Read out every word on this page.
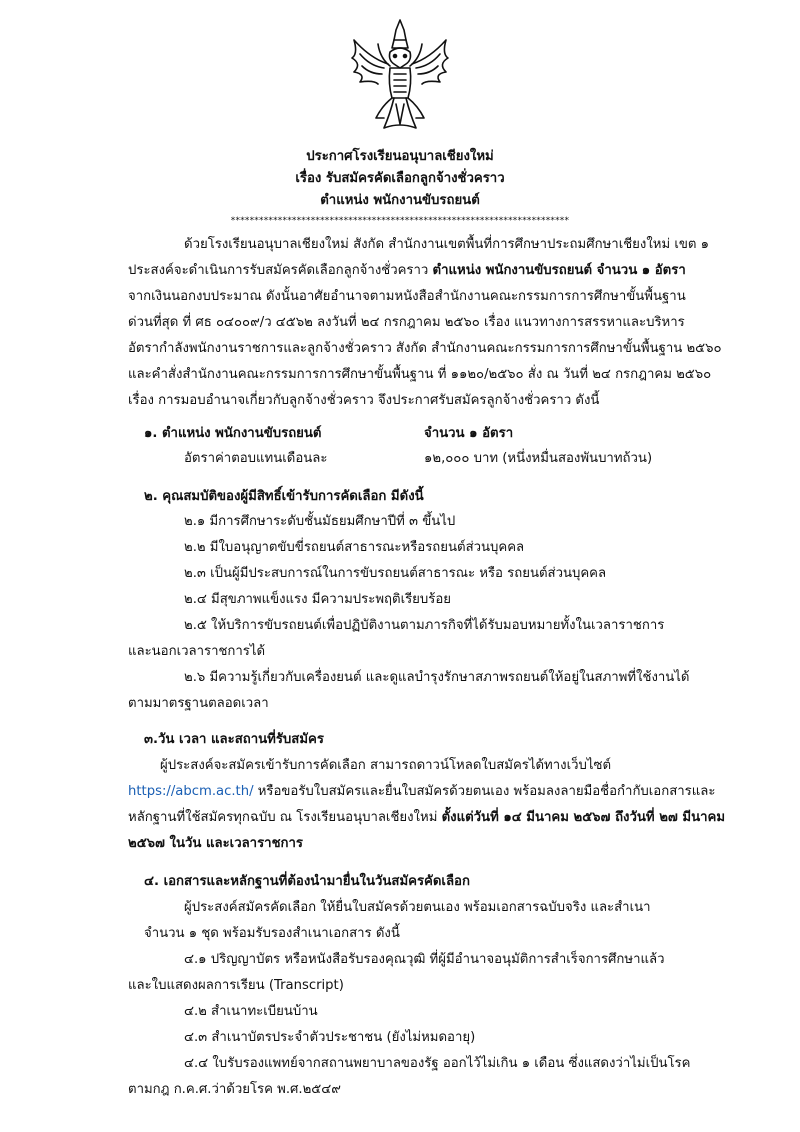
ประกาศโรงเรียนอนุบาลเชียงใหม่
เรื่อง รับสมัครคัดเลือกลูกจ้างชั่วคราว
ตำแหน่ง พนักงานขับรถยนต์
************************************************************************
ด้วยโรงเรียนอนุบาลเชียงใหม่ สังกัด สำนักงานเขตพื้นที่การศึกษาประถมศึกษาเชียงใหม่ เขต ๑
ประสงค์จะดำเนินการรับสมัครคัดเลือกลูกจ้างชั่วคราว ตำแหน่ง พนักงานขับรถยนต์ จำนวน ๑ อัตรา
จากเงินนอกงบประมาณ ดังนั้นอาศัยอำนาจตามหนังสือสำนักงานคณะกรรมการการศึกษาขั้นพื้นฐาน
ด่วนที่สุด ที่ ศธ ๐๔๐๐๙/ว ๔๕๖๒ ลงวันที่ ๒๔ กรกฎาคม ๒๕๖๐ เรื่อง แนวทางการสรรหาและบริหาร
อัตรากำลังพนักงานราชการและลูกจ้างชั่วคราว สังกัด สำนักงานคณะกรรมการการศึกษาขั้นพื้นฐาน ๒๕๖๐
และคำสั่งสำนักงานคณะกรรมการการศึกษาขั้นพื้นฐาน ที่ ๑๑๒๐/๒๕๖๐ สั่ง ณ วันที่ ๒๔ กรกฎาคม ๒๕๖๐
เรื่อง การมอบอำนาจเกี่ยวกับลูกจ้างชั่วคราว จึงประกาศรับสมัครลูกจ้างชั่วคราว ดังนี้
๑. ตำแหน่ง พนักงานขับรถยนต์	จำนวน ๑ อัตรา
อัตราค่าตอบแทนเดือนละ	๑๒,๐๐๐ บาท (หนึ่งหมื่นสองพันบาทถ้วน)
๒. คุณสมบัติของผู้มีสิทธิ์เข้ารับการคัดเลือก มีดังนี้
๒.๑ มีการศึกษาระดับชั้นมัธยมศึกษาปีที่ ๓ ขึ้นไป
๒.๒ มีใบอนุญาตขับขี่รถยนต์สาธารณะหรือรถยนต์ส่วนบุคคล
๒.๓ เป็นผู้มีประสบการณ์ในการขับรถยนต์สาธารณะ หรือ รถยนต์ส่วนบุคคล
๒.๔ มีสุขภาพแข็งแรง มีความประพฤติเรียบร้อย
๒.๕ ให้บริการขับรถยนต์เพื่อปฏิบัติงานตามภารกิจที่ได้รับมอบหมายทั้งในเวลาราชการ
และนอกเวลาราชการได้
๒.๖ มีความรู้เกี่ยวกับเครื่องยนต์ และดูแลบำรุงรักษาสภาพรถยนต์ให้อยู่ในสภาพที่ใช้งานได้
ตามมาตรฐานตลอดเวลา
๓.วัน เวลา และสถานที่รับสมัคร
ผู้ประสงค์จะสมัครเข้ารับการคัดเลือก สามารถดาวน์โหลดใบสมัครได้ทางเว็บไซต์
https://abcm.ac.th/ หรือขอรับใบสมัครและยื่นใบสมัครด้วยตนเอง พร้อมลงลายมือชื่อกำกับเอกสารและ
หลักฐานที่ใช้สมัครทุกฉบับ ณ โรงเรียนอนุบาลเชียงใหม่ ตั้งแต่วันที่ ๑๔ มีนาคม ๒๕๖๗ ถึงวันที่ ๒๗ มีนาคม
๒๕๖๗ ในวัน และเวลาราชการ
๔. เอกสารและหลักฐานที่ต้องนำมายื่นในวันสมัครคัดเลือก
ผู้ประสงค์สมัครคัดเลือก ให้ยื่นใบสมัครด้วยตนเอง พร้อมเอกสารฉบับจริง และสำเนา
จำนวน ๑ ชุด พร้อมรับรองสำเนาเอกสาร ดังนี้
๔.๑ ปริญญาบัตร หรือหนังสือรับรองคุณวุฒิ ที่ผู้มีอำนาจอนุมัติการสำเร็จการศึกษาแล้ว
และใบแสดงผลการเรียน (Transcript)
๔.๒ สำเนาทะเบียนบ้าน
๔.๓ สำเนาบัตรประจำตัวประชาชน (ยังไม่หมดอายุ)
๔.๔ ใบรับรองแพทย์จากสถานพยาบาลของรัฐ ออกไว้ไม่เกิน ๑ เดือน ซึ่งแสดงว่าไม่เป็นโรค
ตามกฎ ก.ค.ศ.ว่าด้วยโรค พ.ศ.๒๕๔๙
